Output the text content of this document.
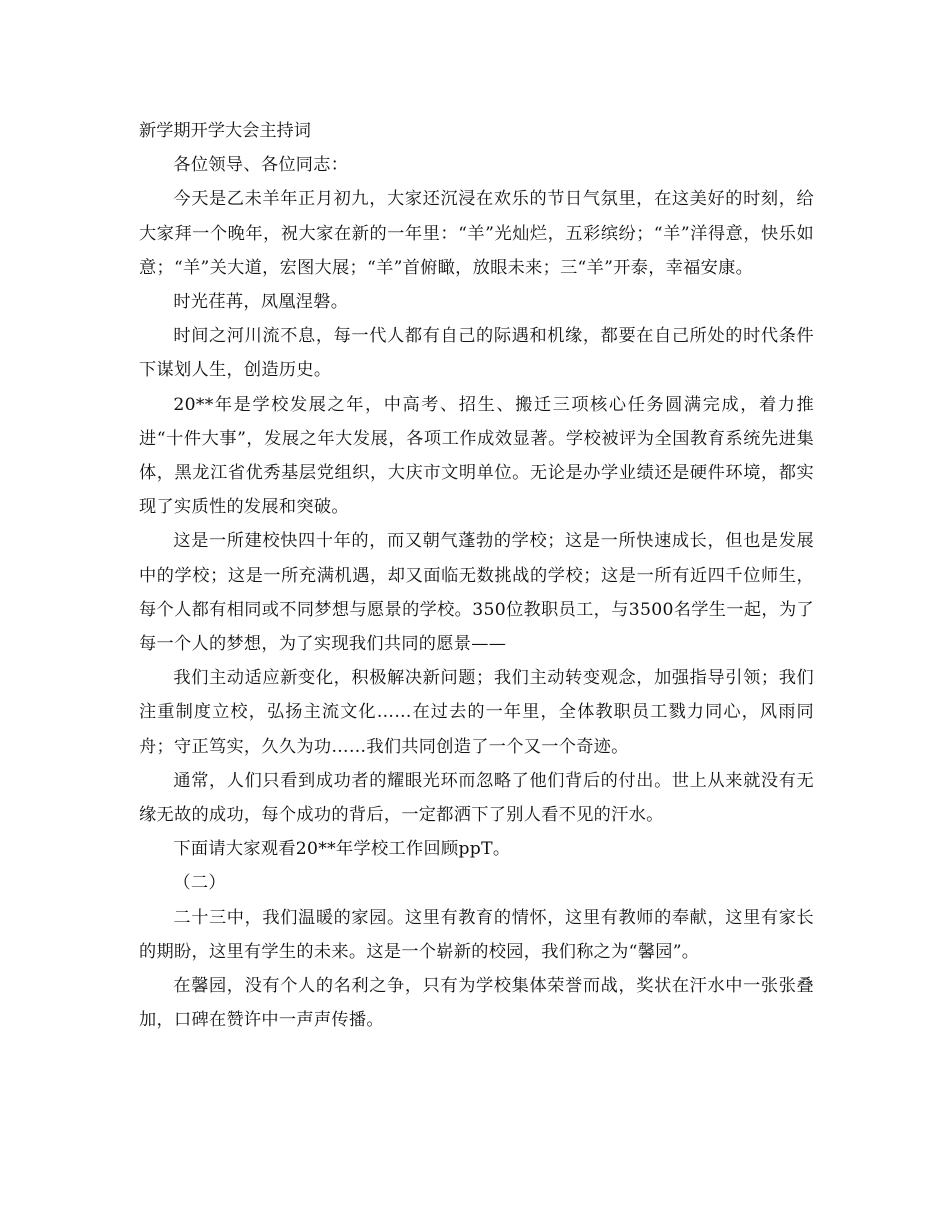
新学期开学大会主持词

各位领导、各位同志：

今天是乙未羊年正月初九，大家还沉浸在欢乐的节日气氛里，在这美好的时刻，给大家拜一个晚年，祝大家在新的一年里：“羊”光灿烂，五彩缤纷；“羊”洋得意，快乐如意；“羊”关大道，宏图大展；“羊”首俯瞰，放眼未来；三“羊”开泰，幸福安康。

时光荏苒，凤凰涅磐。

时间之河川流不息，每一代人都有自己的际遇和机缘，都要在自己所处的时代条件下谋划人生，创造历史。

20**年是学校发展之年，中高考、招生、搬迁三项核心任务圆满完成，着力推进“十件大事”，发展之年大发展，各项工作成效显著。学校被评为全国教育系统先进集体，黑龙江省优秀基层党组织，大庆市文明单位。无论是办学业绩还是硬件环境，都实现了实质性的发展和突破。

这是一所建校快四十年的，而又朝气蓬勃的学校；这是一所快速成长，但也是发展中的学校；这是一所充满机遇，却又面临无数挑战的学校；这是一所有近四千位师生，每个人都有相同或不同梦想与愿景的学校。350位教职员工，与3500名学生一起，为了每一个人的梦想，为了实现我们共同的愿景——

我们主动适应新变化，积极解决新问题；我们主动转变观念，加强指导引领；我们注重制度立校，弘扬主流文化……在过去的一年里，全体教职员工戮力同心，风雨同舟；守正笃实，久久为功……我们共同创造了一个又一个奇迹。

通常，人们只看到成功者的耀眼光环而忽略了他们背后的付出。世上从来就没有无缘无故的成功，每个成功的背后，一定都洒下了别人看不见的汗水。

下面请大家观看20**年学校工作回顾ppT。

（二）

二十三中，我们温暖的家园。这里有教育的情怀，这里有教师的奉献，这里有家长的期盼，这里有学生的未来。这是一个崭新的校园，我们称之为“馨园”。

在馨园，没有个人的名利之争，只有为学校集体荣誉而战，奖状在汗水中一张张叠加，口碑在赞许中一声声传播。
